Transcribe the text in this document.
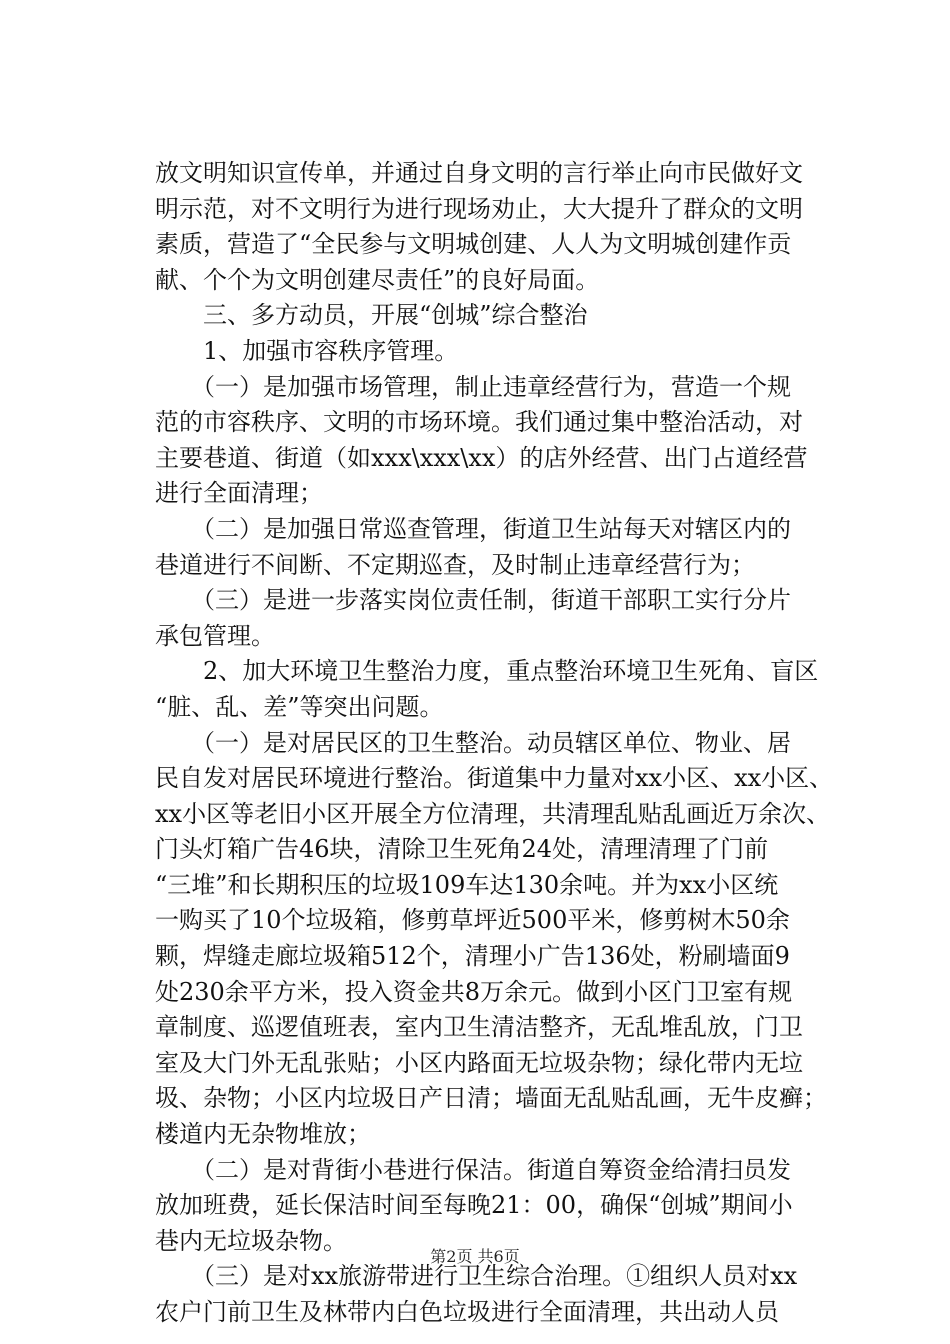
放文明知识宣传单，并通过自身文明的言行举止向市民做好文
明示范，对不文明行为进行现场劝止，大大提升了群众的文明
素质，营造了“全民参与文明城创建、人人为文明城创建作贡
献、个个为文明创建尽责任”的良好局面。
　　三、多方动员，开展“创城”综合整治
　　1、加强市容秩序管理。
　　（一）是加强市场管理，制止违章经营行为，营造一个规
范的市容秩序、文明的市场环境。我们通过集中整治活动，对
主要巷道、街道（如xxx\xxx\xx）的店外经营、出门占道经营
进行全面清理；
　　（二）是加强日常巡查管理，街道卫生站每天对辖区内的
巷道进行不间断、不定期巡查，及时制止违章经营行为；
　　（三）是进一步落实岗位责任制，街道干部职工实行分片
承包管理。
　　2、加大环境卫生整治力度，重点整治环境卫生死角、盲区
“脏、乱、差”等突出问题。
　　（一）是对居民区的卫生整治。动员辖区单位、物业、居
民自发对居民环境进行整治。街道集中力量对xx小区、xx小区、
xx小区等老旧小区开展全方位清理，共清理乱贴乱画近万余次、
门头灯箱广告46块，清除卫生死角24处，清理清理了门前
“三堆”和长期积压的垃圾109车达130余吨。并为xx小区统
一购买了10个垃圾箱，修剪草坪近500平米，修剪树木50余
颗，焊缝走廊垃圾箱512个，清理小广告136处，粉刷墙面9
处230余平方米，投入资金共8万余元。做到小区门卫室有规
章制度、巡逻值班表，室内卫生清洁整齐，无乱堆乱放，门卫
室及大门外无乱张贴；小区内路面无垃圾杂物；绿化带内无垃
圾、杂物；小区内垃圾日产日清；墙面无乱贴乱画，无牛皮癣；
楼道内无杂物堆放；
　　（二）是对背街小巷进行保洁。街道自筹资金给清扫员发
放加班费，延长保洁时间至每晚21：00，确保“创城”期间小
巷内无垃圾杂物。
　　（三）是对xx旅游带进行卫生综合治理。①组织人员对xx
农户门前卫生及林带内白色垃圾进行全面清理，共出动人员
第2页 共6页
